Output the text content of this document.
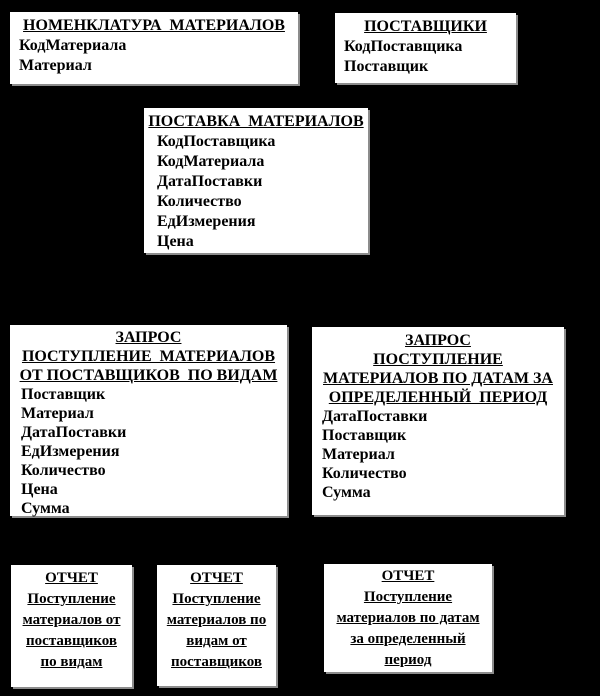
НОМЕНКЛАТУРА  МАТЕРИАЛОВ
КодМатериала
Материал
ПОСТАВЩИКИ
КодПоставщика
Поставщик
ПОСТАВКА  МАТЕРИАЛОВ
КодПоставщика
КодМатериала
ДатаПоставки
Количество
ЕдИзмерения
Цена
ЗАПРОС
ПОСТУПЛЕНИЕ  МАТЕРИАЛОВ
ОТ ПОСТАВЩИКОВ  ПО ВИДАМ
Поставщик
Материал
ДатаПоставки
ЕдИзмерения
Количество
Цена
Сумма
ЗАПРОС
ПОСТУПЛЕНИЕ
МАТЕРИАЛОВ ПО ДАТАМ ЗА
ОПРЕДЕЛЕННЫЙ  ПЕРИОД
ДатаПоставки
Поставщик
Материал
Количество
Сумма
ОТЧЕТ
Поступление
материалов от
поставщиков
по видам
ОТЧЕТ
Поступление
материалов по
видам от
поставщиков
ОТЧЕТ
Поступление
материалов по датам
за определенный
период
